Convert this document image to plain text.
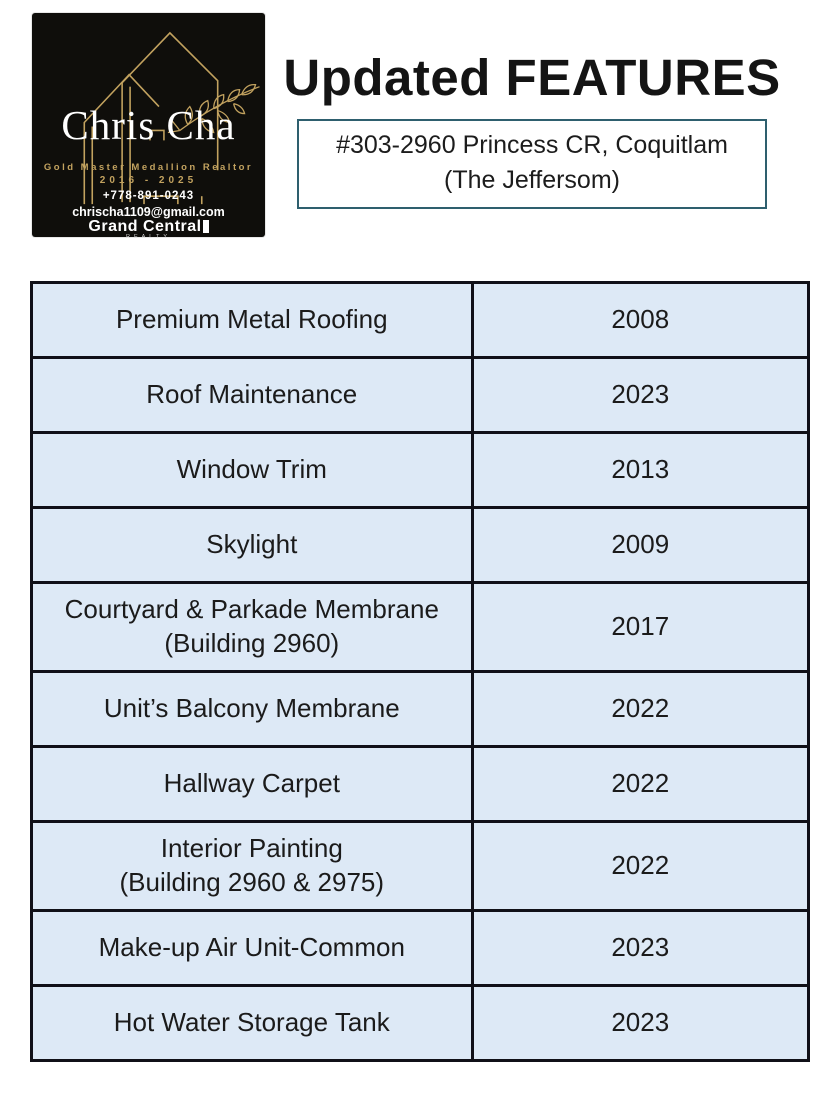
Chris Cha
Gold Master Medallion Realtor
2016 - 2025
+778-891-0243
chrischa1109@gmail.com
Grand Central
REALTY
Updated FEATURES
#303-2960 Princess CR, Coquitlam
(The Jeffersom)
Premium Metal Roofing	2008
Roof Maintenance	2023
Window Trim	2013
Skylight	2009
Courtyard & Parkade Membrane
(Building 2960)	2017
Unit’s Balcony Membrane	2022
Hallway Carpet	2022
Interior Painting
(Building 2960 & 2975)	2022
Make-up Air Unit-Common	2023
Hot Water Storage Tank	2023
